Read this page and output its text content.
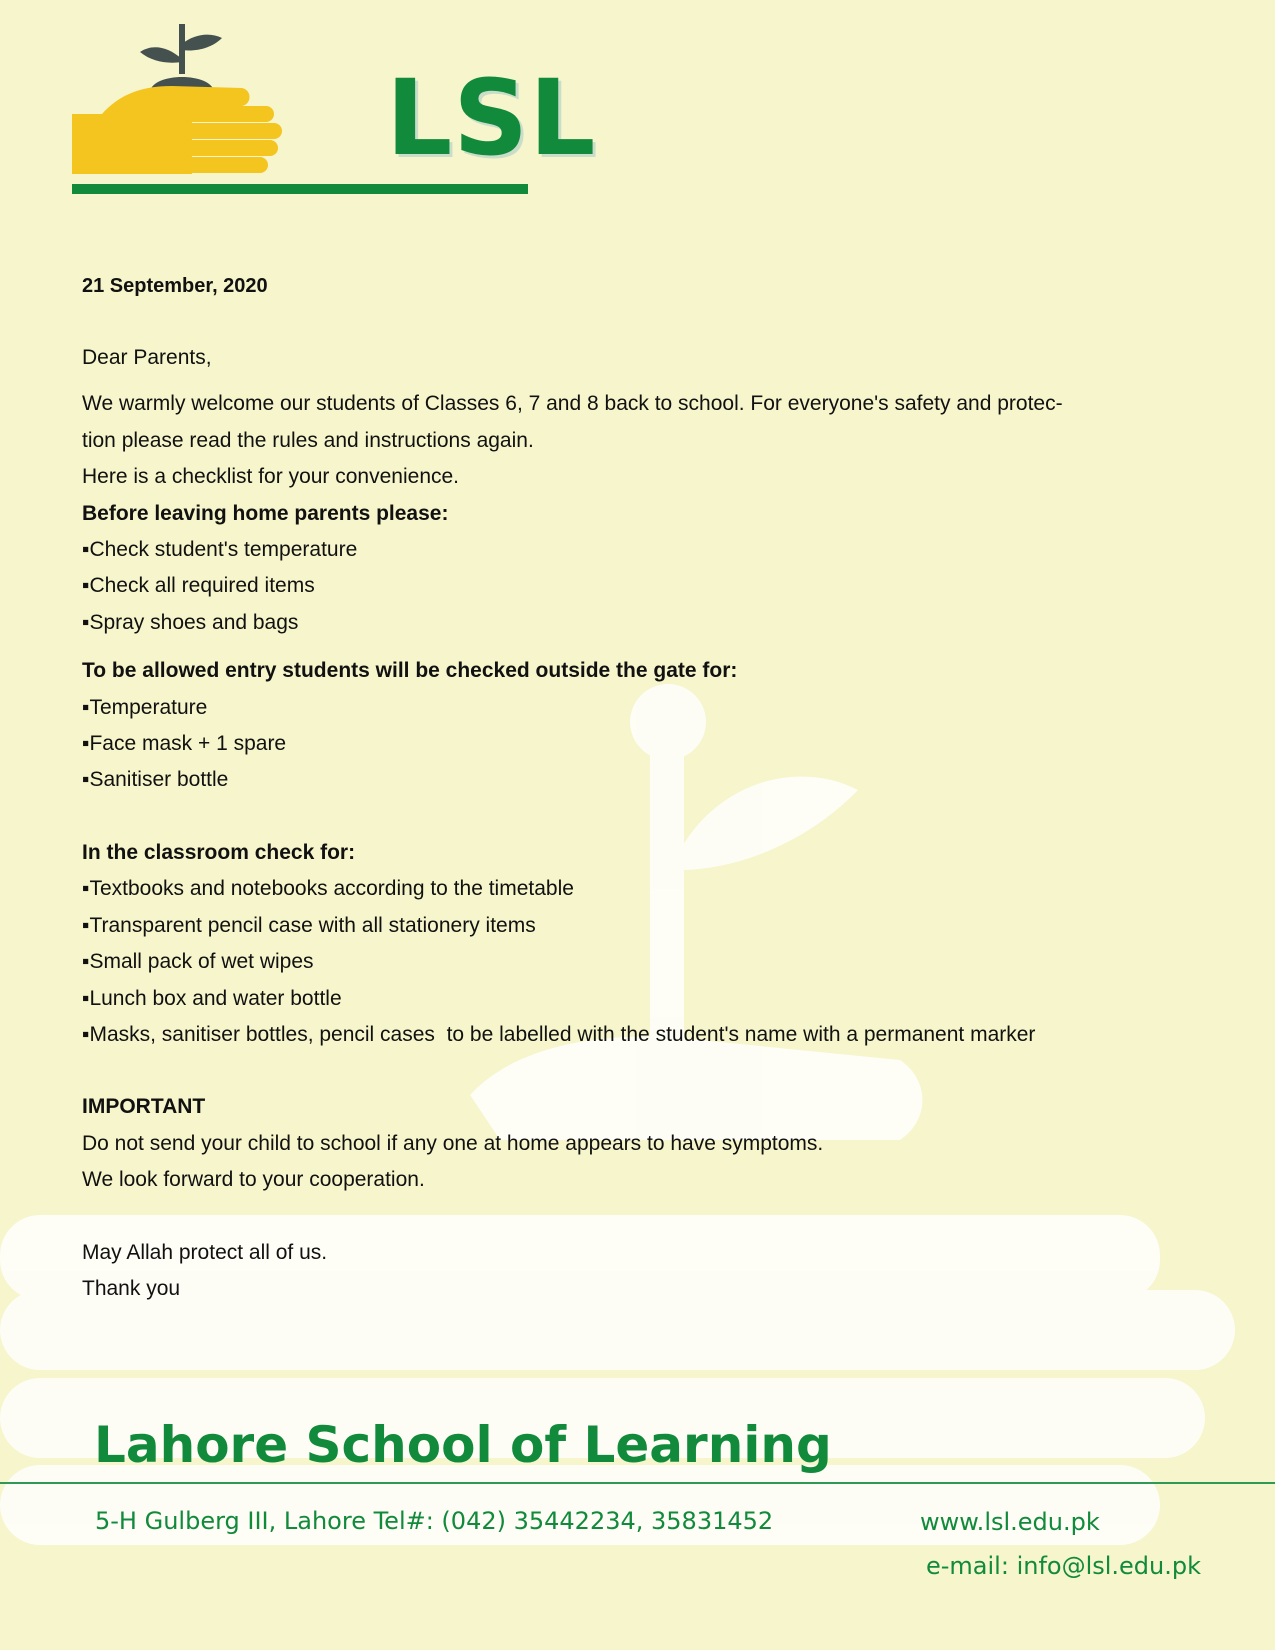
LSL
21 September, 2020
Dear Parents,
We warmly welcome our students of Classes 6, 7 and 8 back to school. For everyone's safety and protec-
tion please read the rules and instructions again.
Here is a checklist for your convenience.
Before leaving home parents please:
▪Check student's temperature
▪Check all required items
▪Spray shoes and bags
To be allowed entry students will be checked outside the gate for:
▪Temperature
▪Face mask + 1 spare
▪Sanitiser bottle
In the classroom check for:
▪Textbooks and notebooks according to the timetable
▪Transparent pencil case with all stationery items
▪Small pack of wet wipes
▪Lunch box and water bottle
▪Masks, sanitiser bottles, pencil cases  to be labelled with the student's name with a permanent marker
IMPORTANT
Do not send your child to school if any one at home appears to have symptoms.
We look forward to your cooperation.
May Allah protect all of us.
Thank you
Lahore School of Learning
5-H Gulberg III, Lahore Tel#: (042) 35442234, 35831452	www.lsl.edu.pk
e-mail: info@lsl.edu.pk
